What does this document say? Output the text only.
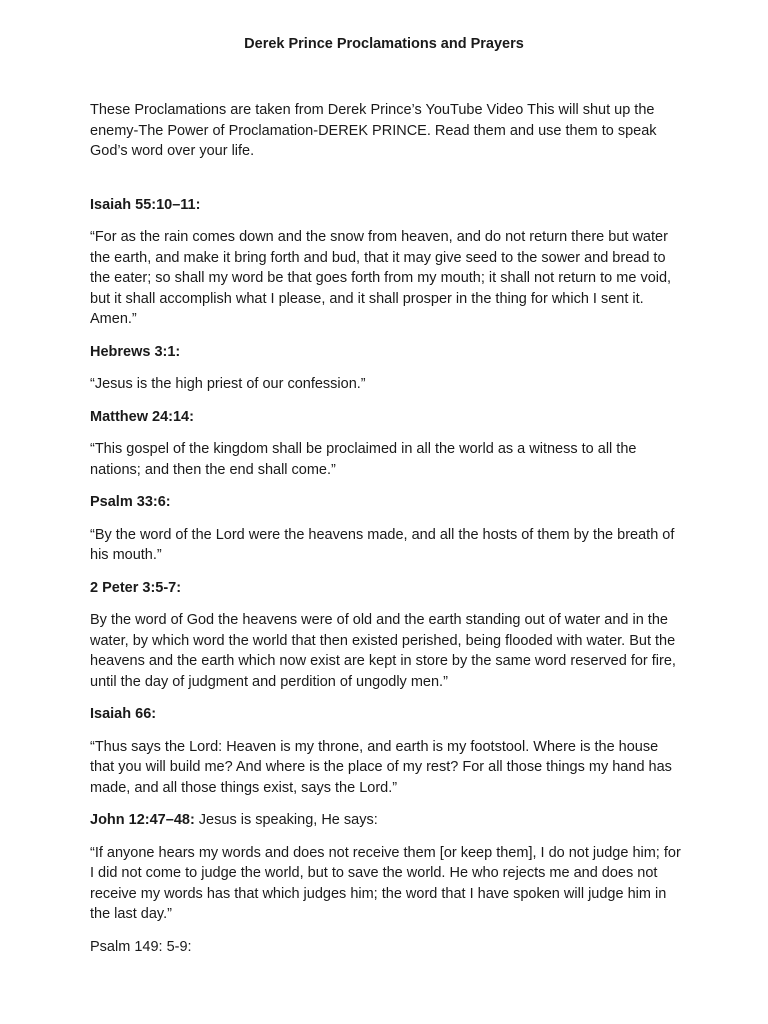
Derek Prince Proclamations and Prayers

These Proclamations are taken from Derek Prince’s YouTube Video This will shut up the enemy-The Power of Proclamation-DEREK PRINCE. Read them and use them to speak God’s word over your life.

Isaiah 55:10–11:

“For as the rain comes down and the snow from heaven, and do not return there but water the earth, and make it bring forth and bud, that it may give seed to the sower and bread to the eater; so shall my word be that goes forth from my mouth; it shall not return to me void, but it shall accomplish what I please, and it shall prosper in the thing for which I sent it. Amen.”

Hebrews 3:1:

“Jesus is the high priest of our confession.”

Matthew 24:14:

“This gospel of the kingdom shall be proclaimed in all the world as a witness to all the nations; and then the end shall come.”

Psalm 33:6:

“By the word of the Lord were the heavens made, and all the hosts of them by the breath of his mouth.”

2 Peter 3:5-7:

By the word of God the heavens were of old and the earth standing out of water and in the water, by which word the world that then existed perished, being flooded with water. But the heavens and the earth which now exist are kept in store by the same word reserved for fire, until the day of judgment and perdition of ungodly men.”

Isaiah 66:

“Thus says the Lord: Heaven is my throne, and earth is my footstool. Where is the house that you will build me? And where is the place of my rest? For all those things my hand has made, and all those things exist, says the Lord.”

John 12:47–48: Jesus is speaking, He says:

“If anyone hears my words and does not receive them [or keep them], I do not judge him; for I did not come to judge the world, but to save the world. He who rejects me and does not receive my words has that which judges him; the word that I have spoken will judge him in the last day.”

Psalm 149: 5-9:
